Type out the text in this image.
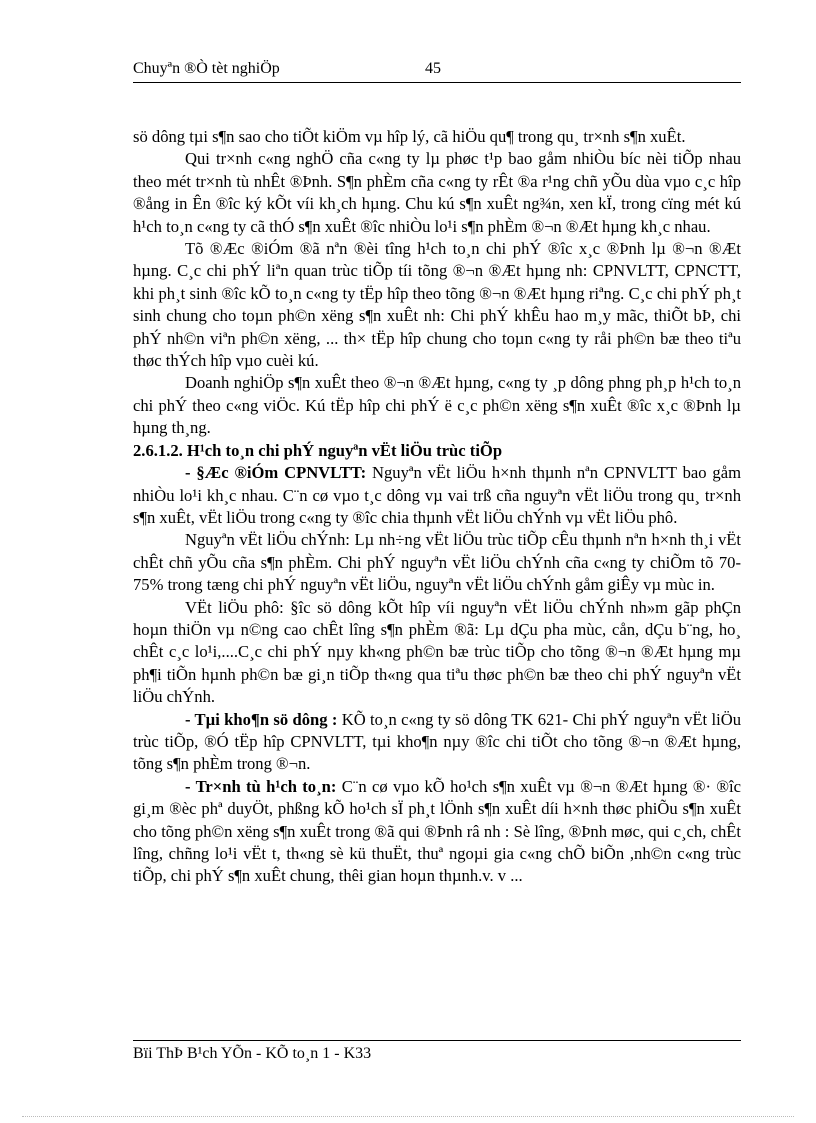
Chuyªn ®Ò tèt nghiÖp	45

sö dông tµi s¶n sao cho tiÕt kiÖm vµ hîp lý, cã hiÖu qu¶ trong qu¸ tr×nh s¶n xuÊt.

Qui tr×nh c«ng nghÖ cña c«ng ty lµ phøc t¹p bao gåm nhiÒu bíc nèi tiÕp nhau theo mét tr×nh tù nhÊt ®Þnh. S¶n phÈm cña c«ng ty rÊt ®a r¹ng chñ yÕu dùa vµo c¸c hîp ®ång in Ên ®îc ký kÕt víi kh¸ch hµng. Chu kú s¶n xuÊt ng¾n, xen kÏ, trong cïng mét kú h¹ch to¸n c«ng ty cã thÓ s¶n xuÊt ®îc nhiÒu lo¹i s¶n phÈm ®¬n ®Æt hµng kh¸c nhau.

Tõ ®Æc ®iÓm ®ã nªn ®èi tîng h¹ch to¸n chi phÝ ®îc x¸c ®Þnh lµ ®¬n ®Æt hµng. C¸c chi phÝ liªn quan trùc tiÕp tíi tõng ®¬n ®Æt hµng nh: CPNVLTT, CPNCTT, khi ph¸t sinh ®îc kÕ to¸n c«ng ty tËp hîp theo tõng ®¬n ®Æt hµng riªng. C¸c chi phÝ ph¸t sinh chung cho toµn ph©n xëng s¶n xuÊt nh: Chi phÝ khÊu hao m¸y mãc, thiÕt bÞ, chi phÝ nh©n viªn ph©n xëng, ... th× tËp hîp chung cho toµn c«ng ty råi ph©n bæ theo tiªu thøc thÝch hîp vµo cuèi kú.

Doanh nghiÖp s¶n xuÊt theo ®¬n ®Æt hµng, c«ng ty ¸p dông phng ph¸p h¹ch to¸n chi phÝ theo c«ng viÖc. Kú tËp hîp chi phÝ ë c¸c ph©n xëng s¶n xuÊt ®îc x¸c ®Þnh lµ hµng th¸ng.

2.6.1.2. H¹ch to¸n chi phÝ nguyªn vËt liÖu trùc tiÕp

- §Æc ®iÓm CPNVLTT: Nguyªn vËt liÖu h×nh thµnh nªn CPNVLTT bao gåm nhiÒu lo¹i kh¸c nhau. C¨n cø vµo t¸c dông vµ vai trß cña nguyªn vËt liÖu trong qu¸ tr×nh s¶n xuÊt, vËt liÖu trong c«ng ty ®îc chia thµnh vËt liÖu chÝnh vµ vËt liÖu phô.

Nguyªn vËt liÖu chÝnh: Lµ nh÷ng vËt liÖu trùc tiÕp cÊu thµnh nªn h×nh th¸i vËt chÊt chñ yÕu cña s¶n phÈm. Chi phÝ nguyªn vËt liÖu chÝnh cña c«ng ty chiÕm tõ 70-75% trong tæng chi phÝ nguyªn vËt liÖu, nguyªn vËt liÖu chÝnh gåm giÊy vµ mùc in.

VËt liÖu phô: §îc sö dông kÕt hîp víi nguyªn vËt liÖu chÝnh nh»m gãp phÇn hoµn thiÖn vµ n©ng cao chÊt lîng s¶n phÈm ®ã: Lµ dÇu pha mùc, cån, dÇu b¨ng, ho¸ chÊt c¸c lo¹i,....C¸c chi phÝ nµy kh«ng ph©n bæ trùc tiÕp cho tõng ®¬n ®Æt hµng mµ ph¶i tiÕn hµnh ph©n bæ gi¸n tiÕp th«ng qua tiªu thøc ph©n bæ theo chi phÝ nguyªn vËt liÖu chÝnh.

- Tµi kho¶n sö dông : KÕ to¸n c«ng ty sö dông TK 621- Chi phÝ nguyªn vËt liÖu trùc tiÕp, ®Ó tËp hîp CPNVLTT, tµi kho¶n nµy ®îc chi tiÕt cho tõng ®¬n ®Æt hµng, tõng s¶n phÈm trong ®¬n.

- Tr×nh tù h¹ch to¸n: C¨n cø vµo kÕ ho¹ch s¶n xuÊt vµ ®¬n ®Æt hµng ®· ®îc gi¸m ®èc phª duyÖt, phßng kÕ ho¹ch sÏ ph¸t lÖnh s¶n xuÊt díi h×nh thøc phiÕu s¶n xuÊt cho tõng ph©n xëng s¶n xuÊt trong ®ã qui ®Þnh râ nh : Sè lîng, ®Þnh møc, qui c¸ch, chÊt lîng, chñng lo¹i vËt t, th«ng sè kü thuËt, thuª ngoµi gia c«ng chÕ biÕn ,nh©n c«ng trùc tiÕp, chi phÝ s¶n xuÊt chung, thêi gian hoµn thµnh.v. v ...

Bïi ThÞ B¹ch YÕn - KÕ to¸n 1 - K33
